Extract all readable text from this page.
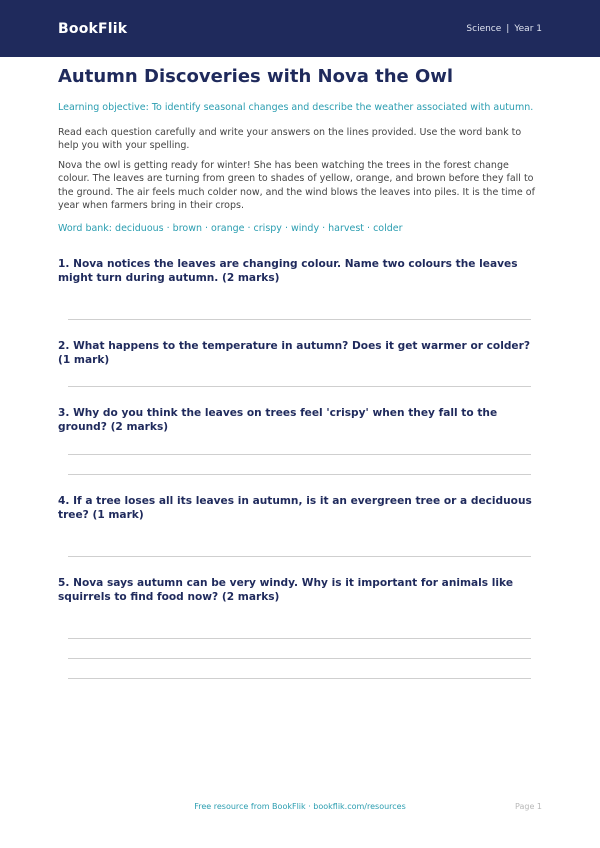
BookFlik	Science | Year 1
Autumn Discoveries with Nova the Owl

Learning objective: To identify seasonal changes and describe the weather associated with autumn.

Read each question carefully and write your answers on the lines provided. Use the word bank to help you with your spelling.

Nova the owl is getting ready for winter! She has been watching the trees in the forest change colour. The leaves are turning from green to shades of yellow, orange, and brown before they fall to the ground. The air feels much colder now, and the wind blows the leaves into piles. It is the time of year when farmers bring in their crops.

Word bank: deciduous · brown · orange · crispy · windy · harvest · colder

1. Nova notices the leaves are changing colour. Name two colours the leaves might turn during autumn. (2 marks)
2. What happens to the temperature in autumn? Does it get warmer or colder? (1 mark)
3. Why do you think the leaves on trees feel 'crispy' when they fall to the ground? (2 marks)
4. If a tree loses all its leaves in autumn, is it an evergreen tree or a deciduous tree? (1 mark)
5. Nova says autumn can be very windy. Why is it important for animals like squirrels to find food now? (2 marks)
Free resource from BookFlik · bookflik.com/resources	Page 1
